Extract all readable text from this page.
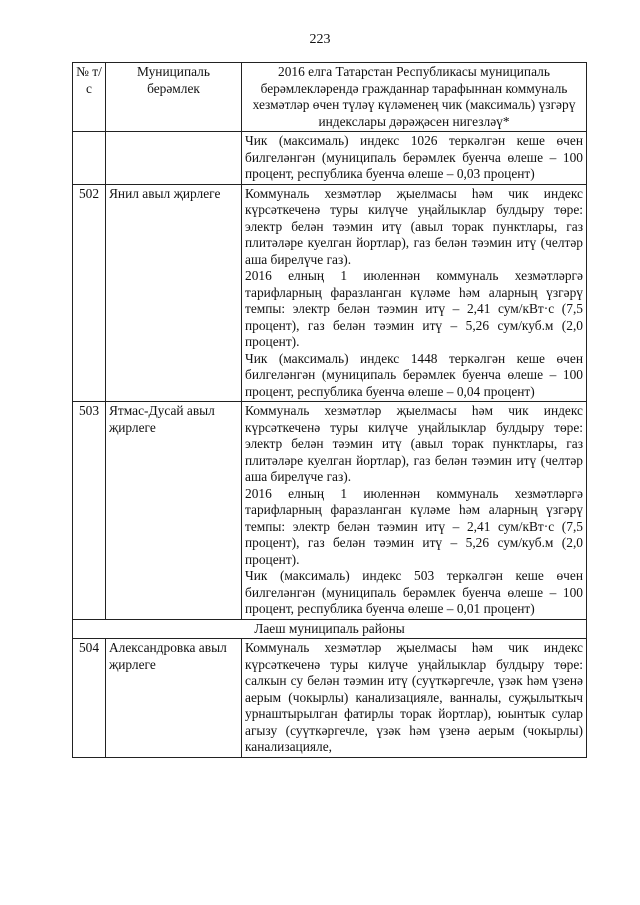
223
№ т/с	Муниципаль берәмлек	2016 елга Татарстан Республикасы муниципаль берәмлекләрендә гражданнар тарафыннан коммуналь хезмәтләр өчен түләү күләменең чик (максималь) үзгәрү индекслары дәрәҗәсен нигезләү*

		Чик (максималь) индекс 1026 теркәлгән кеше өчен билгеләнгән (муниципаль берәмлек буенча өлеше – 100 процент, республика буенча өлеше – 0,03 процент)

502	Янил авыл җирлеге	Коммуналь хезмәтләр җыелмасы һәм чик индекс күрсәткеченә туры килүче уңайлыклар булдыру төре: электр белән тәэмин итү (авыл торак пунктлары, газ плитәләре куелган йортлар), газ белән тәэмин итү (челтәр аша бирелүче газ).
2016 елның 1 июленнән коммуналь хезмәтләргә тарифларның фаразланган күләме һәм аларның үзгәрү темпы: электр белән тәэмин итү – 2,41 сум/кВт·с (7,5 процент), газ белән тәэмин итү – 5,26 сум/куб.м (2,0 процент).
Чик (максималь) индекс 1448 теркәлгән кеше өчен билгеләнгән (муниципаль берәмлек буенча өлеше – 100 процент, республика буенча өлеше – 0,04 процент)

503	Ятмас-Дусай авыл җирлеге	Коммуналь хезмәтләр җыелмасы һәм чик индекс күрсәткеченә туры килүче уңайлыклар булдыру төре: электр белән тәэмин итү (авыл торак пунктлары, газ плитәләре куелган йортлар), газ белән тәэмин итү (челтәр аша бирелүче газ).
2016 елның 1 июленнән коммуналь хезмәтләргә тарифларның фаразланган күләме һәм аларның үзгәрү темпы: электр белән тәэмин итү – 2,41 сум/кВт·с (7,5 процент), газ белән тәэмин итү – 5,26 сум/куб.м (2,0 процент).
Чик (максималь) индекс 503 теркәлгән кеше өчен билгеләнгән (муниципаль берәмлек буенча өлеше – 100 процент, республика буенча өлеше – 0,01 процент)

Лаеш муниципаль районы		
504	Александровка авыл җирлеге	Коммуналь хезмәтләр җыелмасы һәм чик индекс күрсәткеченә туры килүче уңайлыклар булдыру төре: салкын су белән тәэмин итү (суүткәргечле, үзәк һәм үзенә аерым (чокырлы) канализацияле, ванналы, суҗылыткыч урнаштырылган фатирлы торак йортлар), юынтык сулар агызу (суүткәргечле, үзәк һәм үзенә аерым (чокырлы) канализацияле,
